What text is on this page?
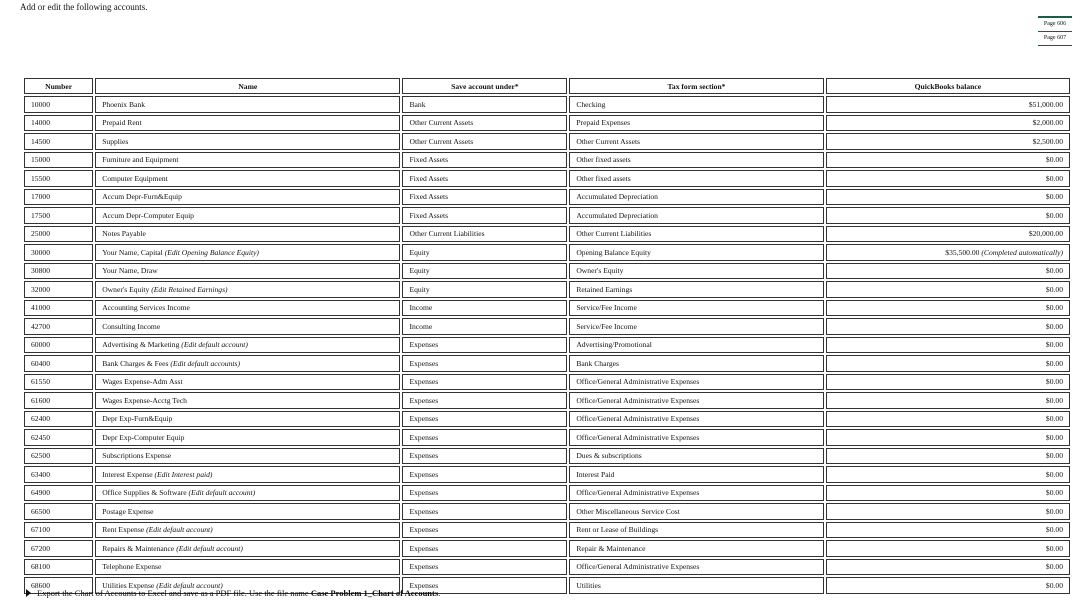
Add or edit the following accounts.
Page 606
Page 607
Number	Name	Save account under*	Tax form section*	QuickBooks balance
10000	Phoenix Bank	Bank	Checking	$51,000.00
14000	Prepaid Rent	Other Current Assets	Prepaid Expenses	$2,000.00
14500	Supplies	Other Current Assets	Other Current Assets	$2,500.00
15000	Furniture and Equipment	Fixed Assets	Other fixed assets	$0.00
15500	Computer Equipment	Fixed Assets	Other fixed assets	$0.00
17000	Accum Depr-Furn&Equip	Fixed Assets	Accumulated Depreciation	$0.00
17500	Accum Depr-Computer Equip	Fixed Assets	Accumulated Depreciation	$0.00
25000	Notes Payable	Other Current Liabilities	Other Current Liabilities	$20,000.00
30000	Your Name, Capital (Edit Opening Balance Equity)	Equity	Opening Balance Equity	$35,500.00 (Completed automatically)
30800	Your Name, Draw	Equity	Owner's Equity	$0.00
32000	Owner's Equity (Edit Retained Earnings)	Equity	Retained Earnings	$0.00
41000	Accounting Services Income	Income	Service/Fee Income	$0.00
42700	Consulting Income	Income	Service/Fee Income	$0.00
60000	Advertising & Marketing (Edit default account)	Expenses	Advertising/Promotional	$0.00
60400	Bank Charges & Fees (Edit default accounts)	Expenses	Bank Charges	$0.00
61550	Wages Expense-Adm Asst	Expenses	Office/General Administrative Expenses	$0.00
61600	Wages Expense-Acctg Tech	Expenses	Office/General Administrative Expenses	$0.00
62400	Depr Exp-Furn&Equip	Expenses	Office/General Administrative Expenses	$0.00
62450	Depr Exp-Computer Equip	Expenses	Office/General Administrative Expenses	$0.00
62500	Subscriptions Expense	Expenses	Dues & subscriptions	$0.00
63400	Interest Expense (Edit Interest paid)	Expenses	Interest Paid	$0.00
64900	Office Supplies & Software (Edit default account)	Expenses	Office/General Administrative Expenses	$0.00
66500	Postage Expense	Expenses	Other Miscellaneous Service Cost	$0.00
67100	Rent Expense (Edit default account)	Expenses	Rent or Lease of Buildings	$0.00
67200	Repairs & Maintenance (Edit default account)	Expenses	Repair & Maintenance	$0.00
68100	Telephone Expense	Expenses	Office/General Administrative Expenses	$0.00
68600	Utilities Expense (Edit default account)	Expenses	Utilities	$0.00
Export the Chart of Accounts to Excel and save as a PDF file. Use the file name Case Problem 1_Chart of Accounts.
